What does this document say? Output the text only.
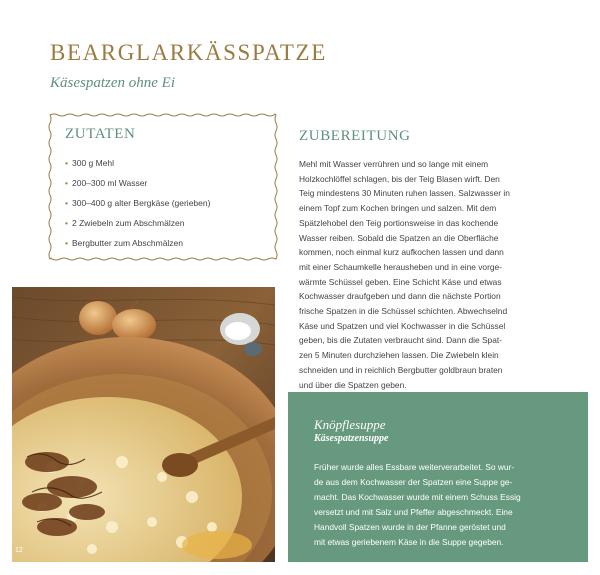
BEARGLARKÄSSPATZE
Käsespatzen ohne Ei
ZUTATEN
• 300 g Mehl
• 200–300 ml Wasser
• 300–400 g alter Bergkäse (gerieben)
• 2 Zwiebeln zum Abschmälzen
• Bergbutter zum Abschmälzen
ZUBEREITUNG
Mehl mit Wasser verrühren und so lange mit einem
Holzkochlöffel schlagen, bis der Teig Blasen wirft. Den
Teig mindestens 30 Minuten ruhen lassen. Salzwasser in
einem Topf zum Kochen bringen und salzen. Mit dem
Spätzlehobel den Teig portionsweise in das kochende
Wasser reiben. Sobald die Spatzen an die Oberfläche
kommen, noch einmal kurz aufkochen lassen und dann
mit einer Schaumkelle herausheben und in eine vorge-
wärmte Schüssel geben. Eine Schicht Käse und etwas
Kochwasser draufgeben und dann die nächste Portion
frische Spatzen in die Schüssel schichten. Abwechselnd
Käse und Spatzen und viel Kochwasser in die Schüssel
geben, bis die Zutaten verbraucht sind. Dann die Spat-
zen 5 Minuten durchziehen lassen. Die Zwiebeln klein
schneiden und in reichlich Bergbutter goldbraun braten
und über die Spatzen geben.
12
Knöpflesuppe
Käsespatzensuppe
Früher wurde alles Essbare weiterverarbeitet. So wur-
de aus dem Kochwasser der Spatzen eine Suppe ge-
macht. Das Kochwasser wurde mit einem Schuss Essig
versetzt und mit Salz und Pfeffer abgeschmeckt. Eine
Handvoll Spatzen wurde in der Pfanne geröstet und
mit etwas geriebenem Käse in die Suppe gegeben.
